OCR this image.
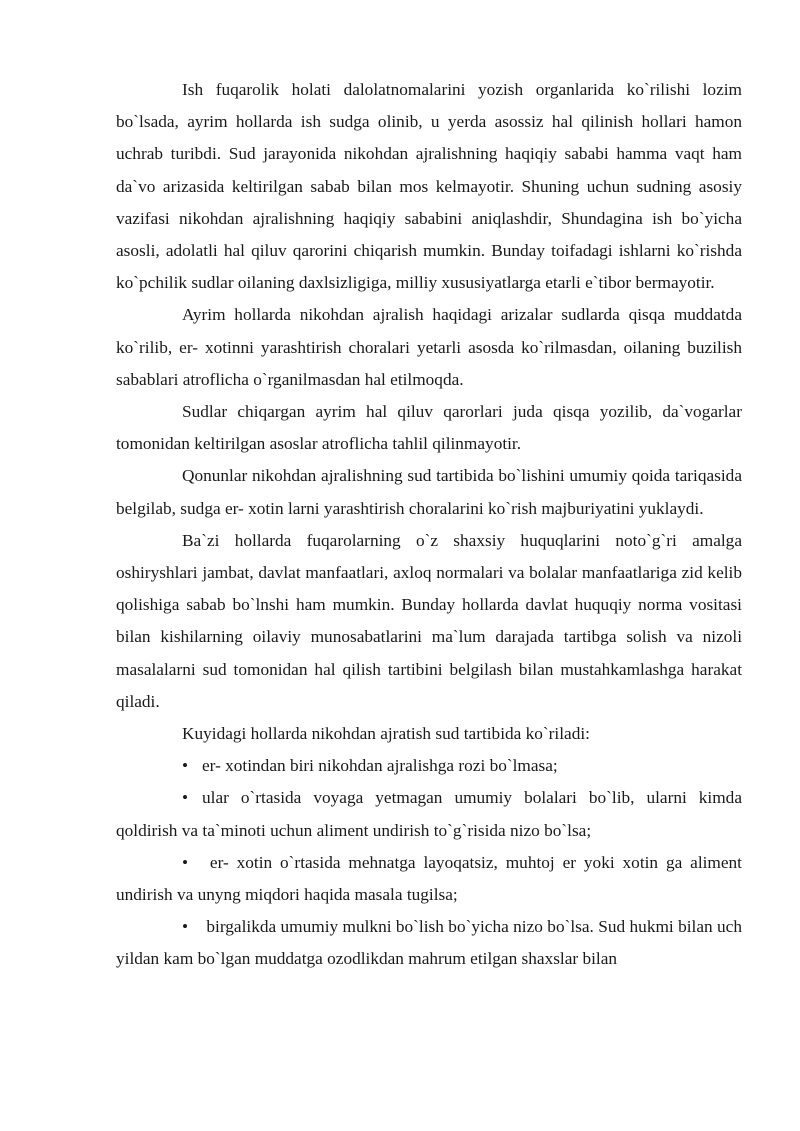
Ish fuqarolik holati dalolatnomalarini yozish organlarida ko`rilishi lozim bo`lsada, ayrim hollarda ish sudga olinib, u yerda asossiz hal qilinish hollari hamon uchrab turibdi. Sud jarayonida nikohdan ajralishning haqiqiy sababi hamma vaqt ham da`vo arizasida keltirilgan sabab bilan mos kelmayotir. Shuning uchun sudning asosiy vazifasi nikohdan ajralishning haqiqiy sababini aniqlashdir, Shundagina ish bo`yicha asosli, adolatli hal qiluv qarorini chiqarish mumkin. Bunday toifadagi ishlarni ko`rishda ko`pchilik sudlar oilaning daxlsizligiga, milliy xususiyatlarga etarli e`tibor bermayotir.

Ayrim hollarda nikohdan ajralish haqidagi arizalar sudlarda qisqa muddatda ko`rilib, er- xotinni yarashtirish choralari yetarli asosda ko`rilmasdan, oilaning buzilish sabablari atroflicha o`rganilmasdan hal etilmoqda.

Sudlar chiqargan ayrim hal qiluv qarorlari juda qisqa yozilib, da`vogarlar tomonidan keltirilgan asoslar atroflicha tahlil qilinmayotir.

Qonunlar nikohdan ajralishning sud tartibida bo`lishini umumiy qoida tariqasida belgilab, sudga er- xotin larni yarashtirish choralarini ko`rish majburiyatini yuklaydi.

Ba`zi hollarda fuqarolarning o`z shaxsiy huquqlarini noto`g`ri amalga oshiryshlari jambat, davlat manfaatlari, axloq normalari va bolalar manfaatlariga zid kelib qolishiga sabab bo`lnshi ham mumkin. Bunday hollarda davlat huquqiy norma vositasi bilan kishilarning oilaviy munosabatlarini ma`lum darajada tartibga solish va nizoli masalalarni sud tomonidan hal qilish tartibini belgilash bilan mustahkamlashga harakat qiladi.

Kuyidagi hollarda nikohdan ajratish sud tartibida ko`riladi:

• er- xotindan biri nikohdan ajralishga rozi bo`lmasa;

• ular o`rtasida voyaga yetmagan umumiy bolalari bo`lib, ularni kimda qoldirish va ta`minoti uchun aliment undirish to`g`risida nizo bo`lsa;

• er- xotin o`rtasida mehnatga layoqatsiz, muhtoj er yoki xotin ga aliment undirish va unyng miqdori haqida masala tugilsa;

• birgalikda umumiy mulkni bo`lish bo`yicha nizo bo`lsa. Sud hukmi bilan uch yildan kam bo`lgan muddatga ozodlikdan mahrum etilgan shaxslar bilan
